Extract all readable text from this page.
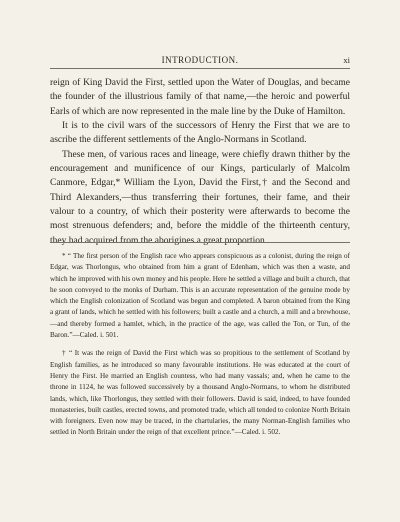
INTRODUCTION.	xi

reign of King David the First, settled upon the Water of Douglas, and became the founder of the illustrious family of that name,—the heroic and powerful Earls of which are now represented in the male line by the Duke of Hamilton.

It is to the civil wars of the successors of Henry the First that we are to ascribe the different settlements of the Anglo-Normans in Scotland.

These men, of various races and lineage, were chiefly drawn thither by the encouragement and munificence of our Kings, particularly of Malcolm Canmore, Edgar,* William the Lyon, David the First,† and the Second and Third Alexanders,—thus transferring their fortunes, their fame, and their valour to a country, of which their posterity were afterwards to become the most strenuous defenders; and, before the middle of the thirteenth century, they had acquired from the aborigines a great proportion

* “ The first person of the English race who appears conspicuous as a colonist, during the reign of Edgar, was Thorlongus, who obtained from him a grant of Edenham, which was then a waste, and which he improved with his own money and his people. Here he settled a village and built a church, that he soon conveyed to the monks of Durham. This is an accurate representation of the genuine mode by which the English colonization of Scotland was begun and completed. A baron obtained from the King a grant of lands, which he settled with his followers; built a castle and a church, a mill and a brewhouse,—and thereby formed a hamlet, which, in the practice of the age, was called the Ton, or Tun, of the Baron.”—Caled. i. 501.

† “ It was the reign of David the First which was so propitious to the settlement of Scotland by English families, as he introduced so many favourable institutions. He was educated at the court of Henry the First. He married an English countess, who had many vassals; and, when he came to the throne in 1124, he was followed successively by a thousand Anglo-Normans, to whom he distributed lands, which, like Thorlongus, they settled with their followers. David is said, indeed, to have founded monasteries, built castles, erected towns, and promoted trade, which all tended to colonize North Britain with foreigners. Even now may be traced, in the chartularies, the many Norman-English families who settled in North Britain under the reign of that excellent prince.”—Caled. i. 502.
